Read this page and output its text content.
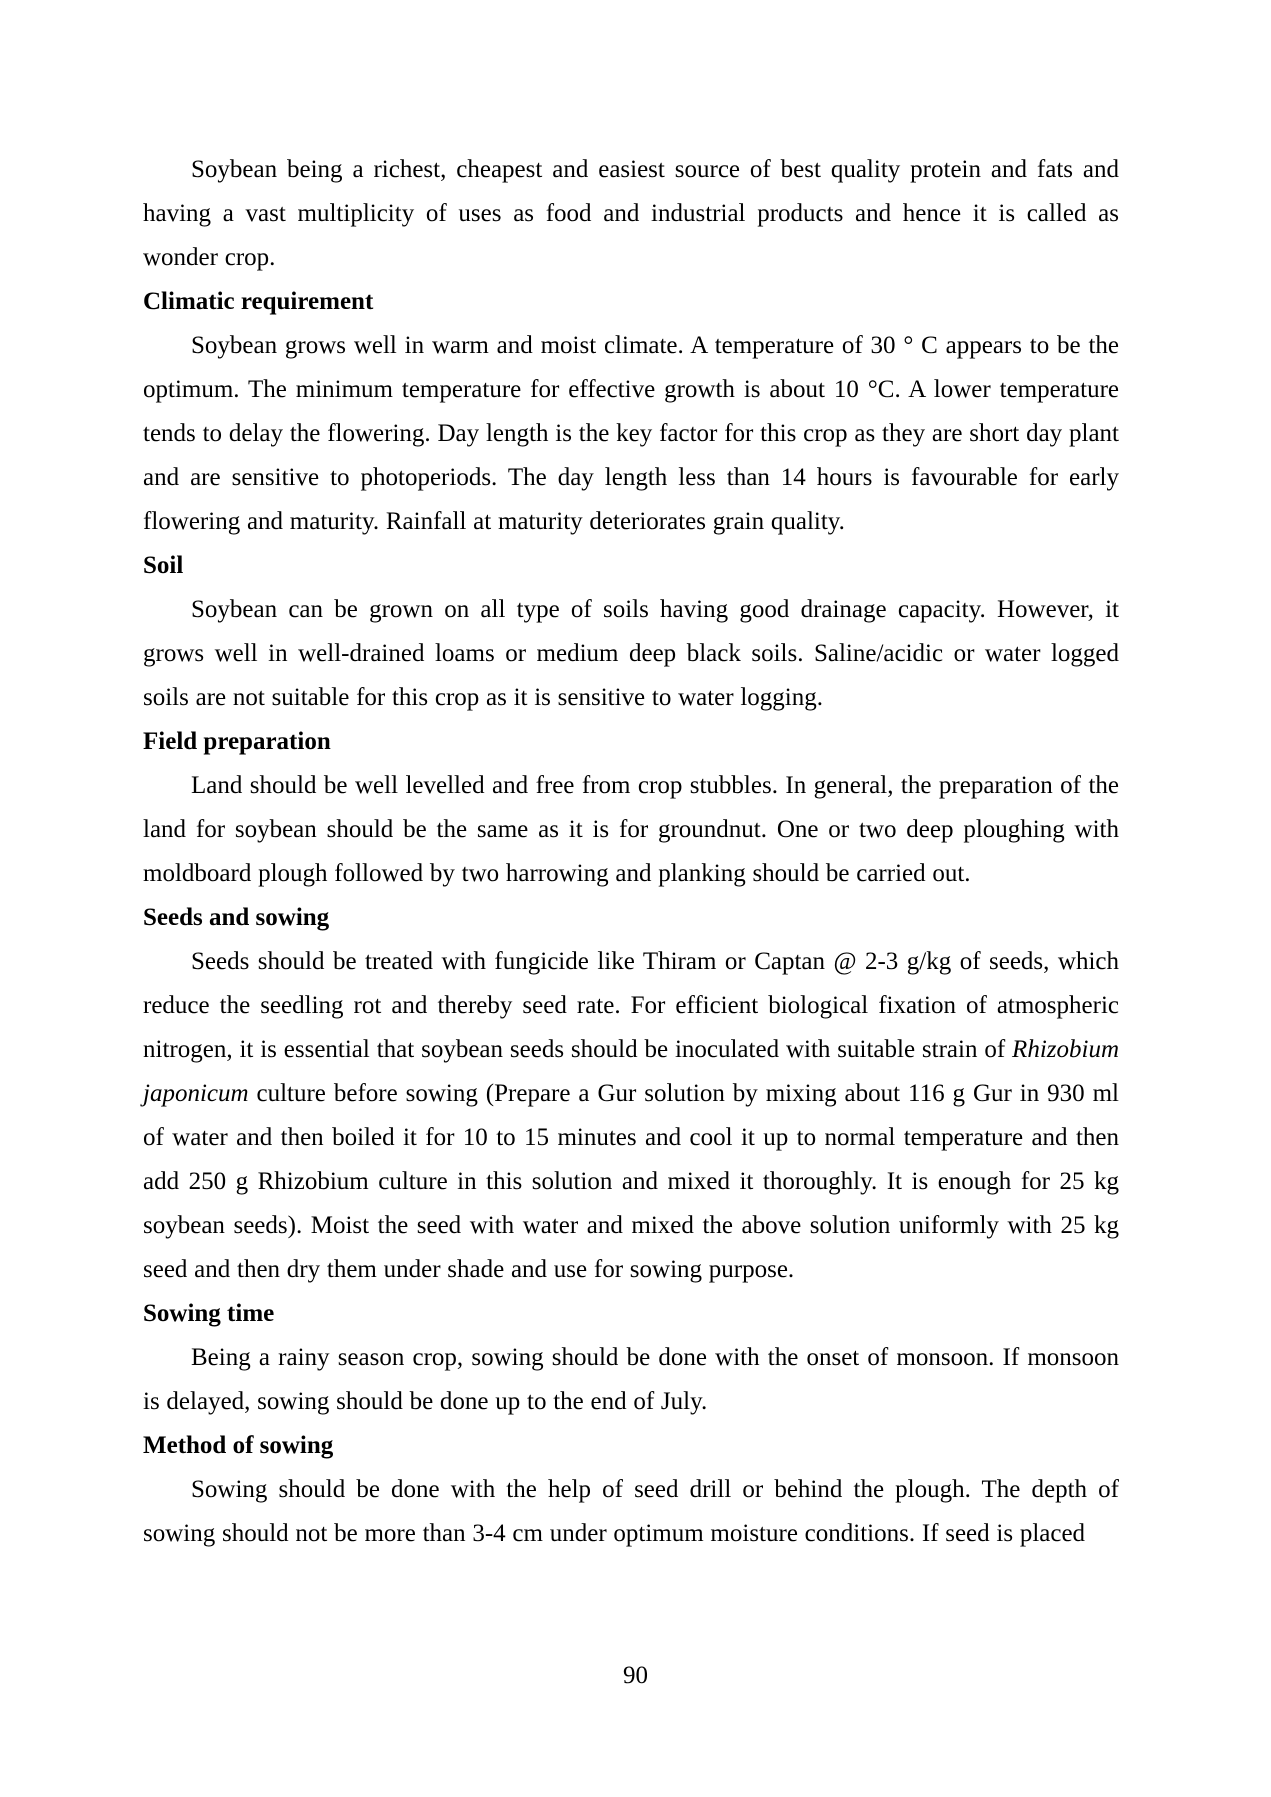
Soybean being a richest, cheapest and easiest source of best quality protein and fats and having a vast multiplicity of uses as food and industrial products and hence it is called as wonder crop.

Climatic requirement

Soybean grows well in warm and moist climate. A temperature of 30 ° C appears to be the optimum. The minimum temperature for effective growth is about 10 °C. A lower temperature tends to delay the flowering. Day length is the key factor for this crop as they are short day plant and are sensitive to photoperiods. The day length less than 14 hours is favourable for early flowering and maturity. Rainfall at maturity deteriorates grain quality.

Soil

Soybean can be grown on all type of soils having good drainage capacity. However, it grows well in well-drained loams or medium deep black soils. Saline/acidic or water logged soils are not suitable for this crop as it is sensitive to water logging.

Field preparation

Land should be well levelled and free from crop stubbles. In general, the preparation of the land for soybean should be the same as it is for groundnut. One or two deep ploughing with moldboard plough followed by two harrowing and planking should be carried out.

Seeds and sowing

Seeds should be treated with fungicide like Thiram or Captan @ 2-3 g/kg of seeds, which reduce the seedling rot and thereby seed rate. For efficient biological fixation of atmospheric nitrogen, it is essential that soybean seeds should be inoculated with suitable strain of Rhizobium japonicum culture before sowing (Prepare a Gur solution by mixing about 116 g Gur in 930 ml of water and then boiled it for 10 to 15 minutes and cool it up to normal temperature and then add 250 g Rhizobium culture in this solution and mixed it thoroughly. It is enough for 25 kg soybean seeds). Moist the seed with water and mixed the above solution uniformly with 25 kg seed and then dry them under shade and use for sowing purpose.

Sowing time

Being a rainy season crop, sowing should be done with the onset of monsoon. If monsoon is delayed, sowing should be done up to the end of July.

Method of sowing

Sowing should be done with the help of seed drill or behind the plough. The depth of sowing should not be more than 3-4 cm under optimum moisture conditions. If seed is placed

90
